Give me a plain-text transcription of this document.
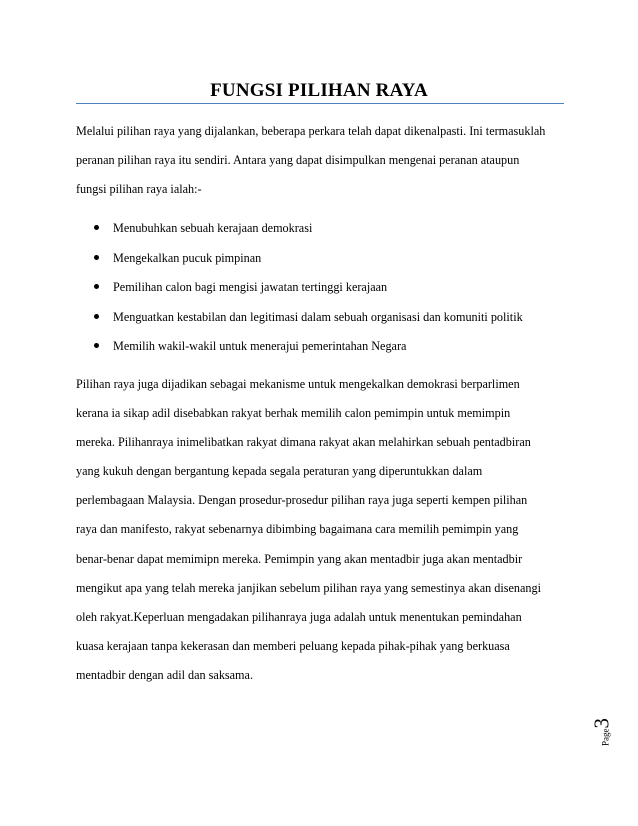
FUNGSI PILIHAN RAYA

Melalui pilihan raya yang dijalankan, beberapa perkara telah dapat dikenalpasti. Ini termasuklah
peranan pilihan raya itu sendiri. Antara yang dapat disimpulkan mengenai peranan ataupun
fungsi pilihan raya ialah:-

Menubuhkan sebuah kerajaan demokrasi
Mengekalkan pucuk pimpinan
Pemilihan calon bagi mengisi jawatan tertinggi kerajaan
Menguatkan kestabilan dan legitimasi dalam sebuah organisasi dan komuniti politik
Memilih wakil-wakil untuk menerajui pemerintahan Negara

Pilihan raya juga dijadikan sebagai mekanisme untuk mengekalkan demokrasi berparlimen
kerana ia sikap adil disebabkan rakyat berhak memilih calon pemimpin untuk memimpin
mereka. Pilihanraya inimelibatkan rakyat dimana rakyat akan melahirkan sebuah pentadbiran
yang kukuh dengan bergantung kepada segala peraturan yang diperuntukkan dalam
perlembagaan Malaysia. Dengan prosedur-prosedur pilihan raya juga seperti kempen pilihan
raya dan manifesto, rakyat sebenarnya dibimbing bagaimana cara memilih pemimpin yang
benar-benar dapat memimipn mereka. Pemimpin yang akan mentadbir juga akan mentadbir
mengikut apa yang telah mereka janjikan sebelum pilihan raya yang semestinya akan disenangi
oleh rakyat.Keperluan mengadakan pilihanraya juga adalah untuk menentukan pemindahan
kuasa kerajaan tanpa kekerasan dan memberi peluang kepada pihak-pihak yang berkuasa
mentadbir dengan adil dan saksama.

Page3
